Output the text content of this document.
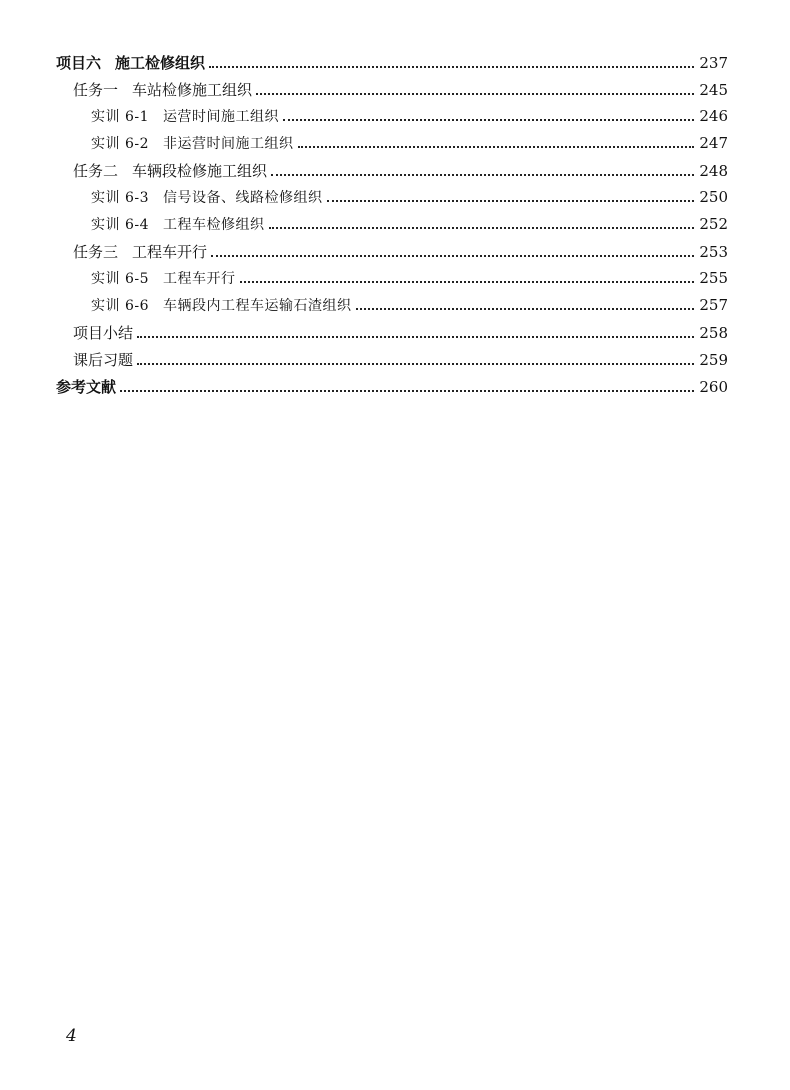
项目六 施工检修组织	237
任务一 车站检修施工组织	245
实训 6-1 运营时间施工组织	246
实训 6-2 非运营时间施工组织	247
任务二 车辆段检修施工组织	248
实训 6-3 信号设备、线路检修组织	250
实训 6-4 工程车检修组织	252
任务三 工程车开行	253
实训 6-5 工程车开行	255
实训 6-6 车辆段内工程车运输石渣组织	257
项目小结	258
课后习题	259
参考文献	260
4
